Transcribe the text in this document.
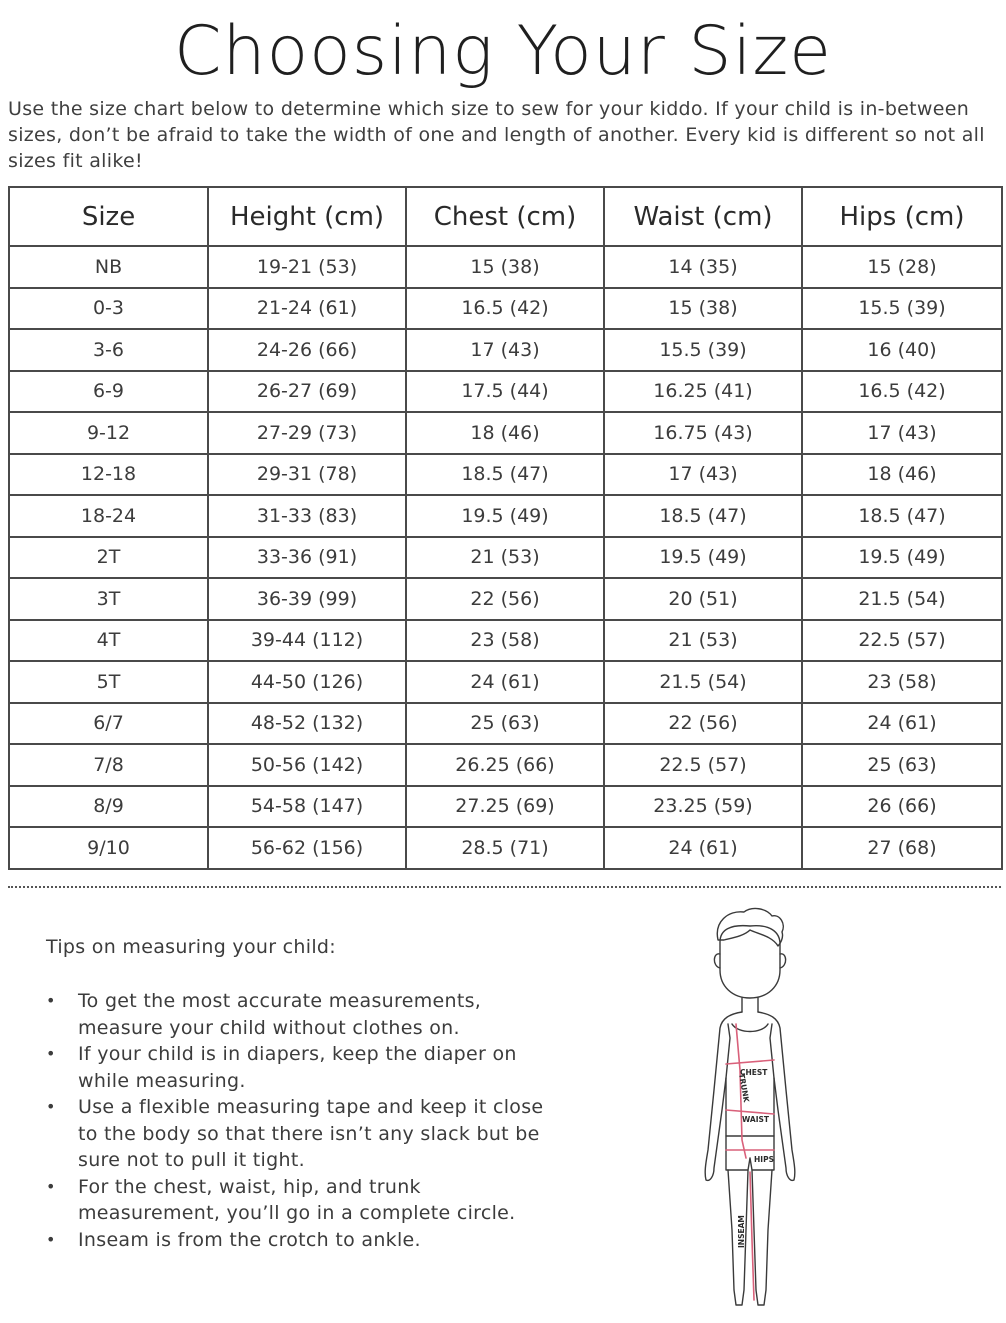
Choosing Your Size
Use the size chart below to determine which size to sew for your kiddo. If your child is in-between sizes, don’t be afraid to take the width of one and length of another. Every kid is different so not all sizes fit alike!
Size	Height (cm)	Chest (cm)	Waist (cm)	Hips (cm)
NB	19-21 (53)	15 (38)	14 (35)	15 (28)
0-3	21-24 (61)	16.5 (42)	15 (38)	15.5 (39)
3-6	24-26 (66)	17 (43)	15.5 (39)	16 (40)
6-9	26-27 (69)	17.5 (44)	16.25 (41)	16.5 (42)
9-12	27-29 (73)	18 (46)	16.75 (43)	17 (43)
12-18	29-31 (78)	18.5 (47)	17 (43)	18 (46)
18-24	31-33 (83)	19.5 (49)	18.5 (47)	18.5 (47)
2T	33-36 (91)	21 (53)	19.5 (49)	19.5 (49)
3T	36-39 (99)	22 (56)	20 (51)	21.5 (54)
4T	39-44 (112)	23 (58)	21 (53)	22.5 (57)
5T	44-50 (126)	24 (61)	21.5 (54)	23 (58)
6/7	48-52 (132)	25 (63)	22 (56)	24 (61)
7/8	50-56 (142)	26.25 (66)	22.5 (57)	25 (63)
8/9	54-58 (147)	27.25 (69)	23.25 (59)	26 (66)
9/10	56-62 (156)	28.5 (71)	24 (61)	27 (68)
Tips on measuring your child:
• To get the most accurate measurements, measure your child without clothes on.
• If your child is in diapers, keep the diaper on while measuring.
• Use a flexible measuring tape and keep it close to the body so that there isn’t any slack but be sure not to pull it tight.
• For the chest, waist, hip, and trunk measurement, you’ll go in a complete circle.
• Inseam is from the crotch to ankle.
CHEST
WAIST
HIPS
TRUNK
INSEAM
